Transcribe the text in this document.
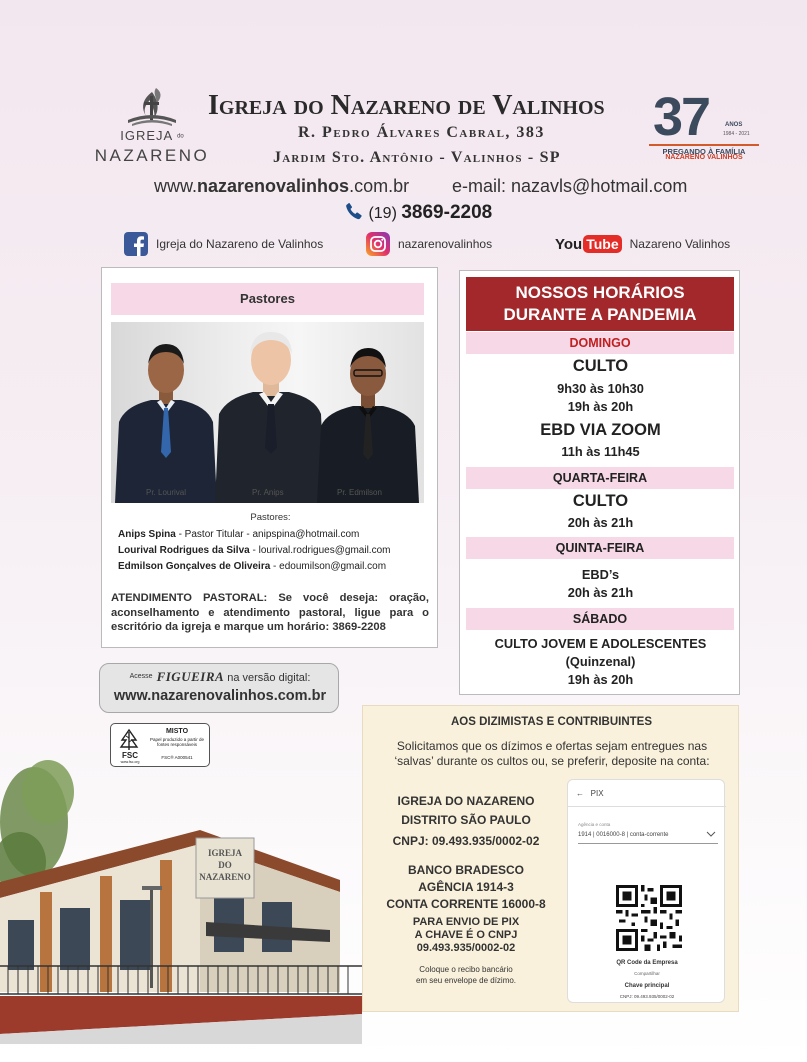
IGREJA do
NAZARENO
Igreja do Nazareno de Valinhos
R. Pedro Álvares Cabral, 383
Jardim Sto. Antônio - Valinhos - SP
www.nazarenovalinhos.com.br e-mail: nazavls@hotmail.com
(19) 3869-2208
37	ANOS
1984 - 2021
PREGANDO À FAMÍLIA
NAZARENO VALINHOS
Igreja do Nazareno de Valinhos	nazarenovalinhos	You Tube Nazareno Valinhos
Pastores
Pr. Lourival	Pr. Anips	Pr. Edmilson
Pastores:
Anips Spina - Pastor Titular - anipspina@hotmail.com
Lourival Rodrigues da Silva - lourival.rodrigues@gmail.com
Edmilson Gonçalves de Oliveira - edoumilson@gmail.com
ATENDIMENTO PASTORAL: Se você deseja: oração, aconselhamento e atendimento pastoral, ligue para o escritório da igreja e marque um horário: 3869-2208
$^{Acesse}$ FIGUEIRA na versão digital:
www.nazarenovalinhos.com.br
FSC
www.fsc.org
MISTO
Papel produzido a partir de fontes responsáveis
FSC® A000541
NOSSOS HORÁRIOS
DURANTE A PANDEMIA
DOMINGO
CULTO
9h30 às 10h30
19h às 20h
EBD VIA ZOOM
11h às 11h45
QUARTA-FEIRA
CULTO
20h às 21h
QUINTA-FEIRA
EBD’s
20h às 21h
SÁBADO
CULTO JOVEM E ADOLESCENTES
(Quinzenal)
19h às 20h
AOS DIZIMISTAS E CONTRIBUINTES
Solicitamos que os dízimos e ofertas sejam entregues nas ‘salvas’ durante os cultos ou, se preferir, deposite na conta:
IGREJA DO NAZARENO
DISTRITO SÃO PAULO
CNPJ: 09.493.935/0002-02
BANCO BRADESCO
AGÊNCIA 1914-3
CONTA CORRENTE 16000-8
PARA ENVIO DE PIX
A CHAVE É O CNPJ
09.493.935/0002-02
Coloque o recibo bancário
em seu envelope de dízimo.
← PIX
Agência e conta
1914 | 0016000-8 | conta-corrente
QR Code da Empresa
Compartilhar
Chave principal
CNPJ: 09.493.935/0002-02
IGREJA
DO
NAZARENO
